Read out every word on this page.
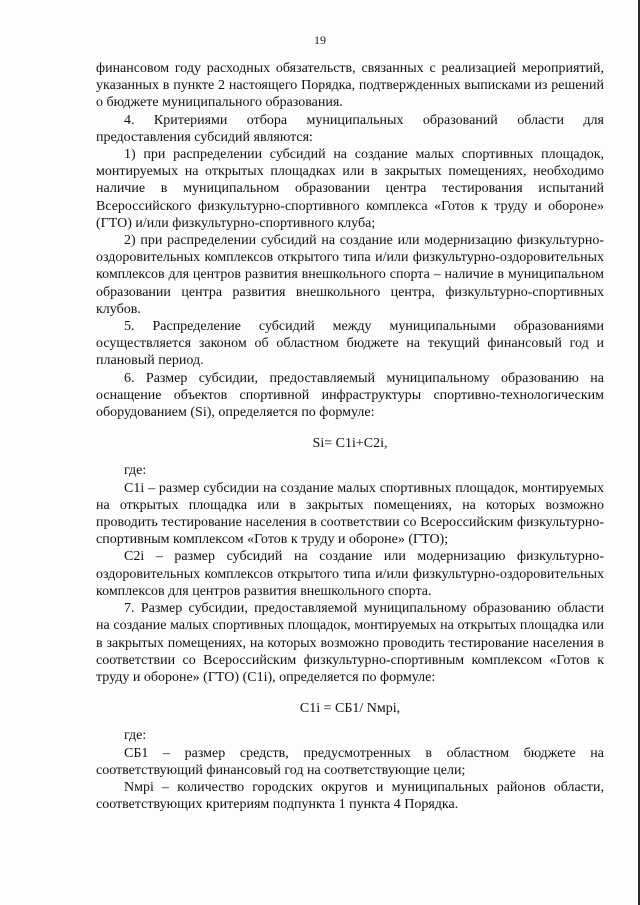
19

финансовом году расходных обязательств, связанных с реализацией мероприятий, указанных в пункте 2 настоящего Порядка, подтвержденных выписками из решений о бюджете муниципального образования.

4. Критериями отбора муниципальных образований области для предоставления субсидий являются:

1) при распределении субсидий на создание малых спортивных площадок, монтируемых на открытых площадках или в закрытых помещениях, необходимо наличие в муниципальном образовании центра тестирования испытаний Всероссийского физкультурно-спортивного комплекса «Готов к труду и обороне» (ГТО) и/или физкультурно-спортивного клуба;

2) при распределении субсидий на создание или модернизацию физкультурно-оздоровительных комплексов открытого типа и/или физкультурно-оздоровительных комплексов для центров развития внешкольного спорта – наличие в муниципальном образовании центра развития внешкольного центра, физкультурно-спортивных клубов.

5. Распределение субсидий между муниципальными образованиями осуществляется законом об областном бюджете на текущий финансовый год и плановый период.

6. Размер субсидии, предоставляемый муниципальному образованию на оснащение объектов спортивной инфраструктуры спортивно-технологическим оборудованием (Si), определяется по формуле:

Si= C1i+C2i,

где:

C1i – размер субсидии на создание малых спортивных площадок, монтируемых на открытых площадка или в закрытых помещениях, на которых возможно проводить тестирование населения в соответствии со Всероссийским физкультурно-спортивным комплексом «Готов к труду и обороне» (ГТО);

C2i – размер субсидий на создание или модернизацию физкультурно-оздоровительных комплексов открытого типа и/или физкультурно-оздоровительных комплексов для центров развития внешкольного спорта.

7. Размер субсидии, предоставляемой муниципальному образованию области на создание малых спортивных площадок, монтируемых на открытых площадка или в закрытых помещениях, на которых возможно проводить тестирование населения в соответствии со Всероссийским физкультурно-спортивным комплексом «Готов к труду и обороне» (ГТО) (C1i), определяется по формуле:

C1i = СБ1/ Nмрі,

где:

СБ1 – размер средств, предусмотренных в областном бюджете на соответствующий финансовый год на соответствующие цели;

Nмрі – количество городских округов и муниципальных районов области, соответствующих критериям подпункта 1 пункта 4 Порядка.
